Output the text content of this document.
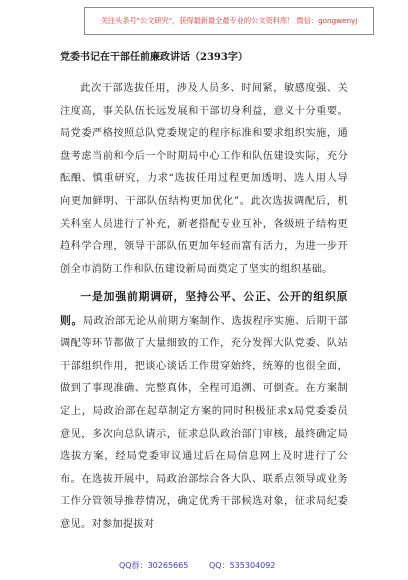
关注头条号"公文研究"，获得最新最全最专业的公文资料库！ 微信：gongwenyj
党委书记在干部任前廉政讲话（2393字）

此次干部选拔任用，涉及人员多、时间紧，敏感度强、关注度高，事关队伍长远发展和干部切身利益，意义十分重要。局党委严格按照总队党委规定的程序标准和要求组织实施，通盘考虑当前和今后一个时期局中心工作和队伍建设实际，充分酝酿、慎重研究，力求“选拔任用过程更加透明、选人用人导向更加鲜明、干部队伍结构更加优化”。此次选拔调配后，机关科室人员进行了补充，新老搭配专业互补，各级班子结构更趋科学合理，领导干部队伍更加年轻而富有活力，为进一步开创全市消防工作和队伍建设新局面奠定了坚实的组织基础。

一是加强前期调研，坚持公平、公正、公开的组织原则。局政治部无论从前期方案制作、选拔程序实施、后期干部调配等环节都做了大量细致的工作，充分发挥大队党委、队站干部组织作用，把谈心谈话工作贯穿始终，统筹的也很全面，做到了事现准确、完整真体，全程可追溯、可倒查。在方案制定上，局政治部在起草制定方案的同时积极征求ⅹ局党委委员意见，多次向总队请示，征求总队政治部门审核，最终确定局选拔方案，经局党委审议通过后在局信息网上及时进行了公布。在选拔开展中，局政治部综合各大队、联系点领导或业务工作分管领导推荐情况，确定优秀干部候选对象，征求局纪委意见。对参加提拔对

QQ群：30265665	QQ：535304092
